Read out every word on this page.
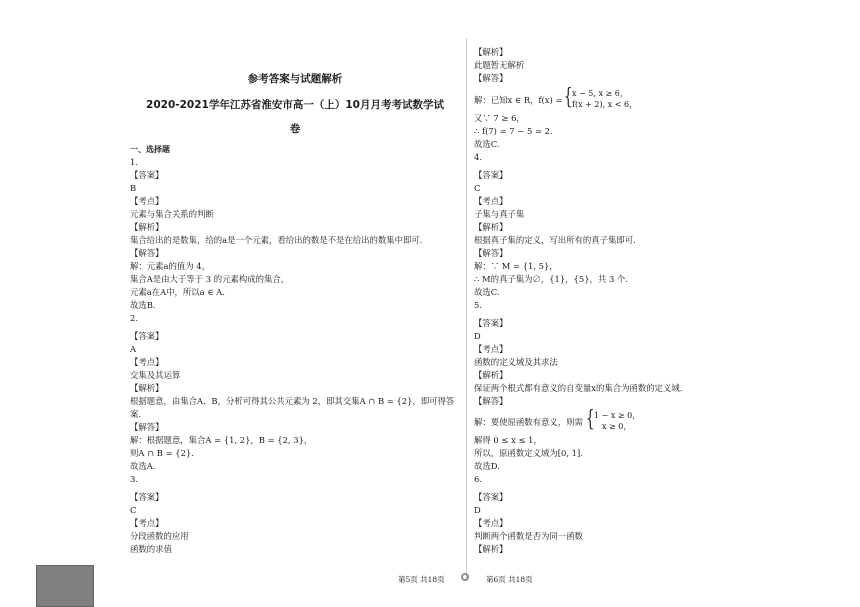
参考答案与试题解析
2020-2021学年江苏省淮安市高一（上）10月月考考试数学试
卷
一、选择题
1.
【答案】
B
【考点】
元素与集合关系的判断
【解析】
集合给出的是数集，给的a是一个元素，看给出的数是不是在给出的数集中即可.
【解答】
解：元素a的值为 4，
集合A是由大于等于 3 的元素构成的集合，
元素a在A中，所以a ∈ A.
故选B.
2.
【答案】
A
【考点】
交集及其运算
【解析】
根据题意，由集合A、B，分析可得其公共元素为 2，即其交集A ∩ B = {2}，即可得答
案.
【解答】
解：根据题意，集合A = {1, 2}，B = {2, 3}，
则A ∩ B = {2}.
故选A.
3.
【答案】
C
【考点】
分段函数的应用
函数的求值
【解析】
此题暂无解析
【解答】
解：已知x ∈ R，f(x) = { x − 5, x ≥ 6，
f(x + 2), x < 6，
又∵ 7 ≥ 6，
∴ f(7) = 7 − 5 = 2.
故选C.
4.
【答案】
C
【考点】
子集与真子集
【解析】
根据真子集的定义，写出所有的真子集即可.
【解答】
解：∵ M = {1, 5}，
∴ M的真子集为∅，{1}，{5}，共 3 个.
故选C.
5.
【答案】
D
【考点】
函数的定义域及其求法
【解析】
保证两个根式都有意义的自变量x的集合为函数的定义域.
【解答】
解：要使原函数有意义，则需 { 1 − x ≥ 0，
x ≥ 0，
解得 0 ≤ x ≤ 1，
所以，原函数定义域为[0, 1].
故选D.
6.
【答案】
D
【考点】
判断两个函数是否为同一函数
【解析】
第5页 共18页	第6页 共18页
